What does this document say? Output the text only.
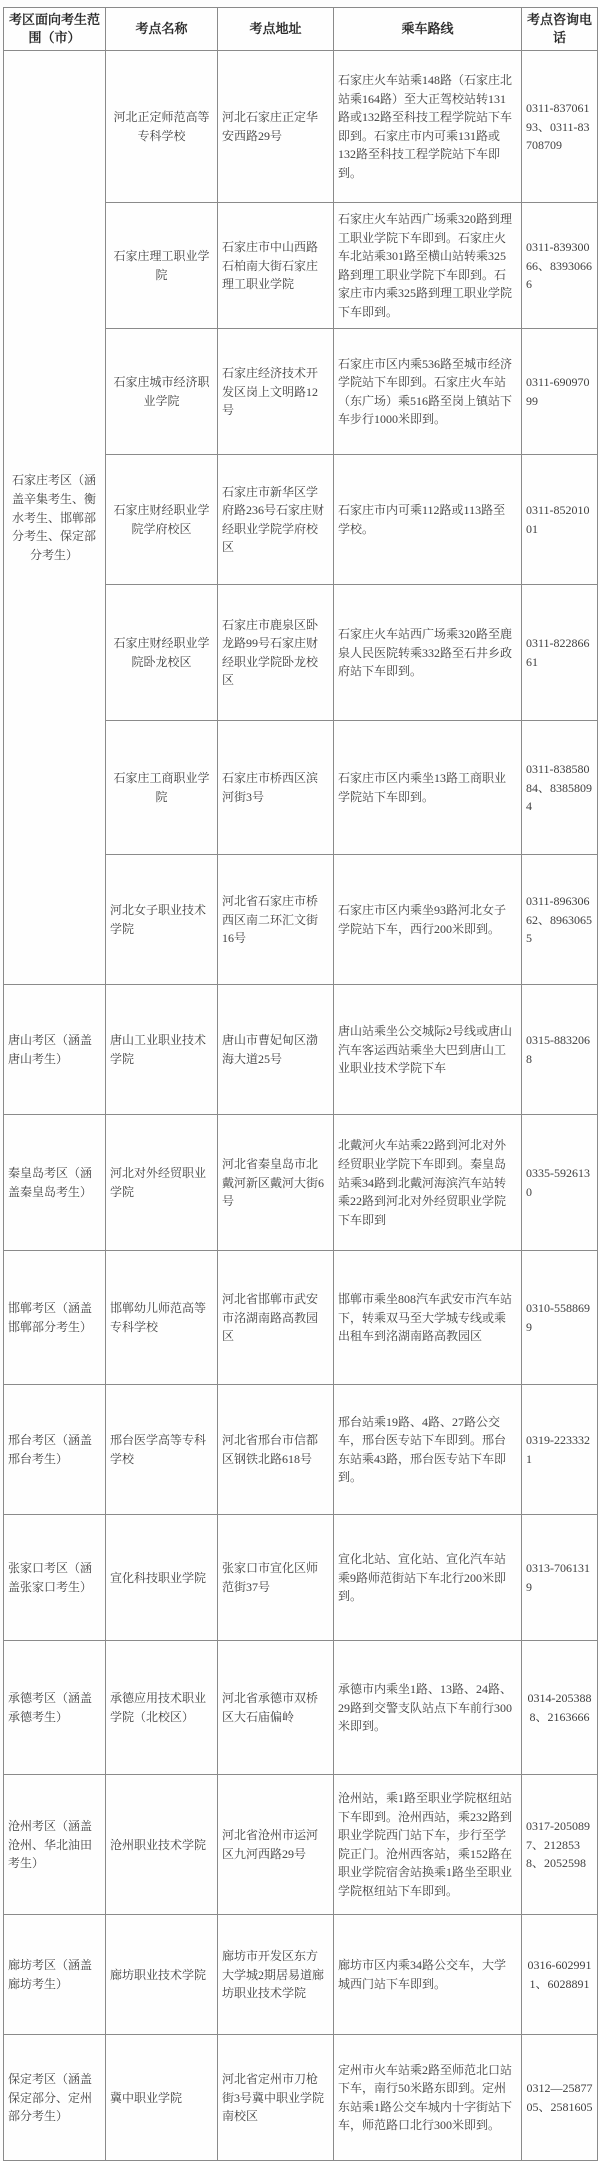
考区面向考生范围（市）	考点名称	考点地址	乘车路线	考点咨询电话
石家庄考区（涵盖辛集考生、衡水考生、邯郸部分考生、保定部分考生）	河北正定师范高等专科学校	河北石家庄正定华安西路29号	石家庄火车站乘148路（石家庄北站乘164路）至大正驾校站转131路或132路至科技工程学院站下车即到。石家庄市内可乘131路或132路至科技工程学院站下车即到。	0311-83706193、0311-83708709
	石家庄理工职业学院	石家庄市中山西路石柏南大街石家庄理工职业学院	石家庄火车站西广场乘320路到理工职业学院下车即到。石家庄火车北站乘301路至横山站转乘325路到理工职业学院下车即到。石家庄市内乘325路到理工职业学院下车即到。	0311-83930066、83930666
	石家庄城市经济职业学院	石家庄经济技术开发区岗上文明路12号	石家庄市区内乘536路至城市经济学院站下车即到。石家庄火车站（东广场）乘516路至岗上镇站下车步行1000米即到。	0311-69097099
	石家庄财经职业学院学府校区	石家庄市新华区学府路236号石家庄财经职业学院学府校区	石家庄市内可乘112路或113路至学校。	0311-85201001
	石家庄财经职业学院卧龙校区	石家庄市鹿泉区卧龙路99号石家庄财经职业学院卧龙校区	石家庄火车站西广场乘320路至鹿泉人民医院转乘332路至石井乡政府站下车即到。	0311-82286661
	石家庄工商职业学院	石家庄市桥西区滨河街3号	石家庄市区内乘坐13路工商职业学院站下车即到。	0311-83858084、83858094
	河北女子职业技术学院	河北省石家庄市桥西区南二环汇文街16号	石家庄市区内乘坐93路河北女子学院站下车，西行200米即到。	0311-89630662、89630655
唐山考区（涵盖唐山考生）	唐山工业职业技术学院	唐山市曹妃甸区渤海大道25号	唐山站乘坐公交城际2号线或唐山汽车客运西站乘坐大巴到唐山工业职业技术学院下车	0315-8832068
秦皇岛考区（涵盖秦皇岛考生）	河北对外经贸职业学院	河北省秦皇岛市北戴河新区戴河大街6号	北戴河火车站乘22路到河北对外经贸职业学院下车即到。秦皇岛站乘34路到北戴河海滨汽车站转乘22路到河北对外经贸职业学院下车即到	0335-5926130
邯郸考区（涵盖邯郸部分考生）	邯郸幼儿师范高等专科学校	河北省邯郸市武安市洺湖南路高教园区	邯郸市乘坐808汽车武安市汽车站下，转乘双马至大学城专线或乘出租车到洺湖南路高教园区	0310-5588699
邢台考区（涵盖邢台考生）	邢台医学高等专科学校	河北省邢台市信都区钢铁北路618号	邢台站乘19路、4路、27路公交车，邢台医专站下车即到。邢台东站乘43路，邢台医专站下车即到。	0319-2233321
张家口考区（涵盖张家口考生）	宣化科技职业学院	张家口市宣化区师范街37号	宣化北站、宣化站、宣化汽车站乘9路师范街站下车北行200米即到。	0313-7061319
承德考区（涵盖承德考生）	承德应用技术职业学院（北校区）	河北省承德市双桥区大石庙偏岭	承德市内乘坐1路、13路、24路、29路到交警支队站点下车前行300米即到。	0314-2053888、2163666
沧州考区（涵盖沧州、华北油田考生）	沧州职业技术学院	河北省沧州市运河区九河西路29号	沧州站，乘1路至职业学院枢纽站下车即到。沧州西站，乘232路到职业学院西门站下车，步行至学院正门。沧州西客站，乘152路在职业学院宿舍站换乘1路坐至职业学院枢纽站下车即到。	0317-2050897、2128538、2052598
廊坊考区（涵盖廊坊考生）	廊坊职业技术学院	廊坊市开发区东方大学城2期居易道廊坊职业技术学院	廊坊市区内乘34路公交车，大学城西门站下车即到。	0316-6029911、6028891
保定考区（涵盖保定部分、定州部分考生）	冀中职业学院	河北省定州市刀枪街3号冀中职业学院南校区	定州市火车站乘2路至师范北口站下车，南行50米路东即到。定州东站乘1路公交车城内十字街站下车，师范路口北行300米即到。	0312—2587705、2581605
